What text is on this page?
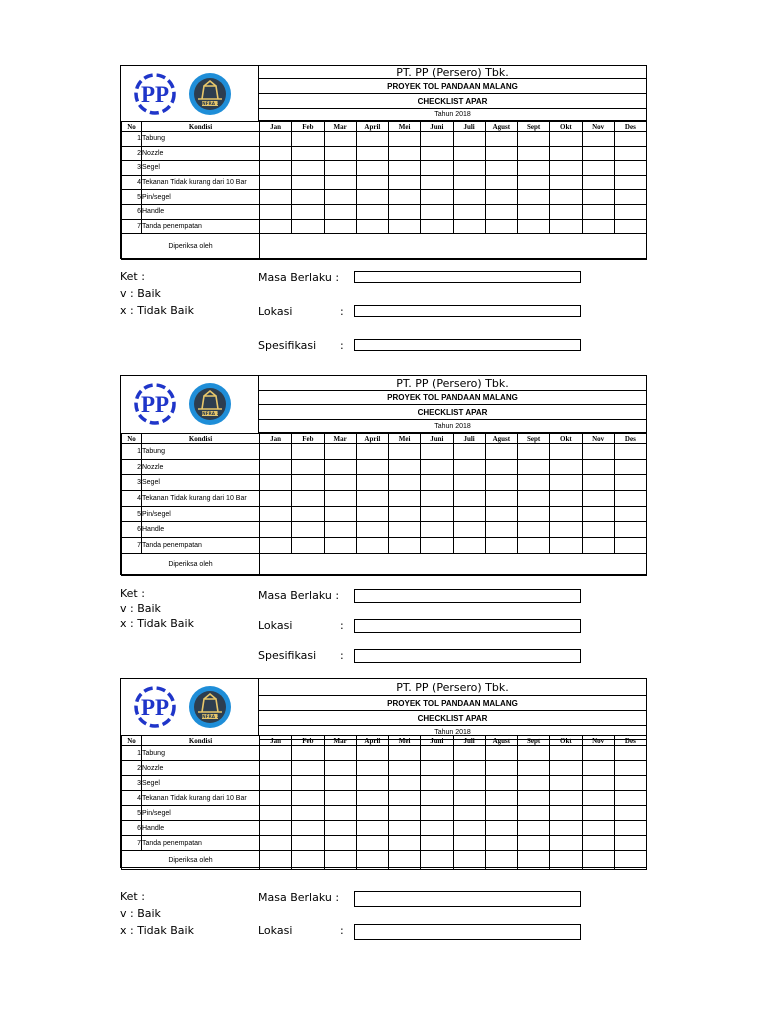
PP	INFRA 1
PT. PP (Persero) Tbk.
PROYEK TOL PANDAAN MALANG
CHECKLIST APAR
Tahun 2018
No	Kondisi	Jan	Feb	Mar	April	Mei	Juni	Juli	Agust	Sept	Okt	Nov	Des
1	Tabung												
2	Nozzle												
3	Segel												
4	Tekanan Tidak kurang dari 10 Bar												
5	Pin/segel												
6	Handle												
7	Tanda penempatan												
Diperiksa oleh													
Ket :
v : Baik
x : Tidak Baik
Masa Berlaku :
Lokasi	:
Spesifikasi :
PP	INFRA 1
PT. PP (Persero) Tbk.
PROYEK TOL PANDAAN MALANG
CHECKLIST APAR
Tahun 2018
No	Kondisi	Jan	Feb	Mar	April	Mei	Juni	Juli	Agust	Sept	Okt	Nov	Des
1	Tabung												
2	Nozzle												
3	Segel												
4	Tekanan Tidak kurang dari 10 Bar												
5	Pin/segel												
6	Handle												
7	Tanda penempatan												
Diperiksa oleh													
Ket :
v : Baik
x : Tidak Baik
Masa Berlaku :
Lokasi	:
Spesifikasi :
PP	INFRA 1
PT. PP (Persero) Tbk.
PROYEK TOL PANDAAN MALANG
CHECKLIST APAR
Tahun 2018
No	Kondisi	Jan	Feb	Mar	April	Mei	Juni	Juli	Agust	Sept	Okt	Nov	Des
1	Tabung												
2	Nozzle												
3	Segel												
4	Tekanan Tidak kurang dari 10 Bar												
5	Pin/segel												
6	Handle												
7	Tanda penempatan												
Diperiksa oleh													
Ket :
v : Baik
x : Tidak Baik
Masa Berlaku :
Lokasi	:
